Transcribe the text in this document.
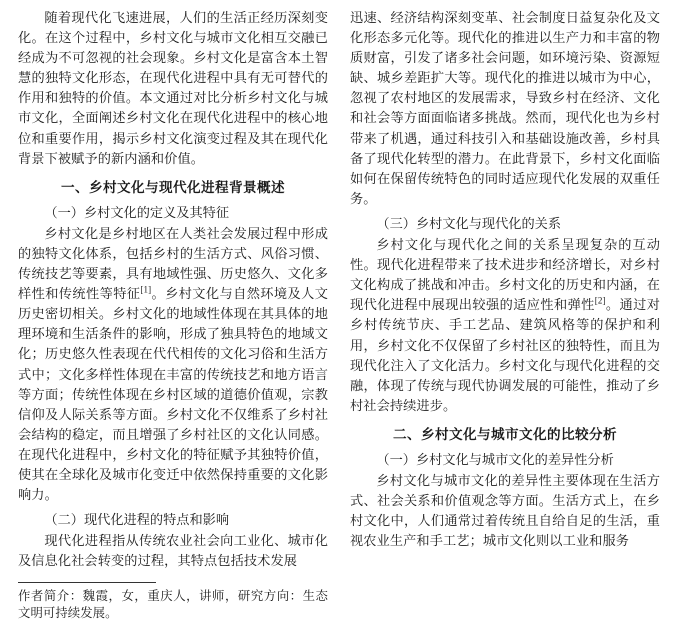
随着现代化飞速进展，人们的生活正经历深刻变化。在这个过程中，乡村文化与城市文化相互交融已经成为不可忽视的社会现象。乡村文化是富含本土智慧的独特文化形态，在现代化进程中具有无可替代的作用和独特的价值。本文通过对比分析乡村文化与城市文化，全面阐述乡村文化在现代化进程中的核心地位和重要作用，揭示乡村文化演变过程及其在现代化背景下被赋予的新内涵和价值。

一、乡村文化与现代化进程背景概述
（一）乡村文化的定义及其特征

乡村文化是乡村地区在人类社会发展过程中形成的独特文化体系，包括乡村的生活方式、风俗习惯、传统技艺等要素，具有地域性强、历史悠久、文化多样性和传统性等特征[1]。乡村文化与自然环境及人文历史密切相关。乡村文化的地域性体现在其具体的地理环境和生活条件的影响，形成了独具特色的地域文化；历史悠久性表现在代代相传的文化习俗和生活方式中；文化多样性体现在丰富的传统技艺和地方语言等方面；传统性体现在乡村区域的道德价值观，宗教信仰及人际关系等方面。乡村文化不仅维系了乡村社会结构的稳定，而且增强了乡村社区的文化认同感。在现代化进程中，乡村文化的特征赋予其独特价值，使其在全球化及城市化变迁中依然保持重要的文化影响力。

（二）现代化进程的特点和影响

现代化进程指从传统农业社会向工业化、城市化及信息化社会转变的过程，其特点包括技术发展

迅速、经济结构深刻变革、社会制度日益复杂化及文化形态多元化等。现代化的推进以生产力和丰富的物质财富，引发了诸多社会问题，如环境污染、资源短缺、城乡差距扩大等。现代化的推进以城市为中心，忽视了农村地区的发展需求，导致乡村在经济、文化和社会等方面面临诸多挑战。然而，现代化也为乡村带来了机遇，通过科技引入和基础设施改善，乡村具备了现代化转型的潜力。在此背景下，乡村文化面临如何在保留传统特色的同时适应现代化发展的双重任务。

（三）乡村文化与现代化的关系

乡村文化与现代化之间的关系呈现复杂的互动性。现代化进程带来了技术进步和经济增长，对乡村文化构成了挑战和冲击。乡村文化的历史和内涵，在现代化进程中展现出较强的适应性和弹性[2]。通过对乡村传统节庆、手工艺品、建筑风格等的保护和利用，乡村文化不仅保留了乡村社区的独特性，而且为现代化注入了文化活力。乡村文化与现代化进程的交融，体现了传统与现代协调发展的可能性，推动了乡村社会持续进步。

二、乡村文化与城市文化的比较分析
（一）乡村文化与城市文化的差异性分析

乡村文化与城市文化的差异性主要体现在生活方式、社会关系和价值观念等方面。生活方式上，在乡村文化中，人们通常过着传统且自给自足的生活，重视农业生产和手工艺；城市文化则以工业和服务

作者简介：魏霞，女，重庆人，讲师，研究方向：生态文明可持续发展。
